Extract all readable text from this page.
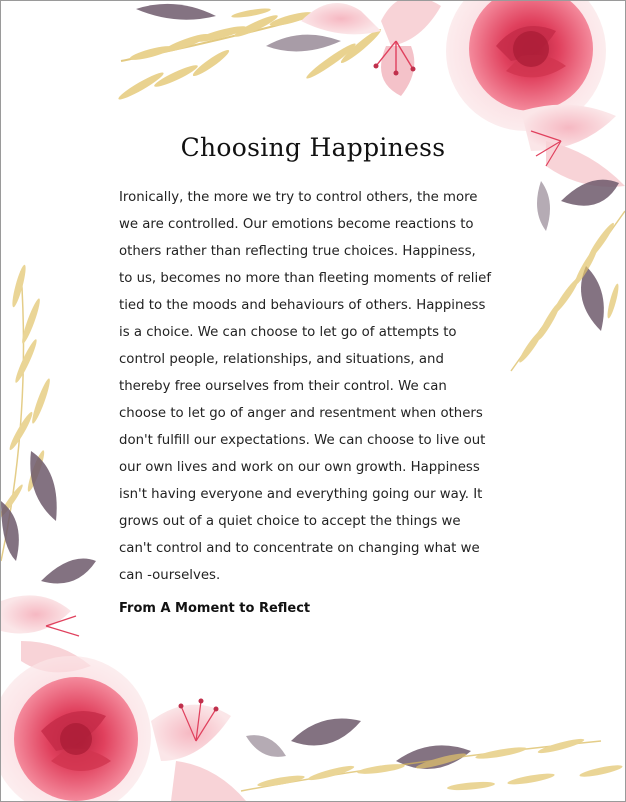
Choosing Happiness

Ironically, the more we try to control others, the more
we are controlled. Our emotions become reactions to
others rather than reflecting true choices. Happiness,
to us, becomes no more than fleeting moments of relief
tied to the moods and behaviours of others. Happiness
is a choice. We can choose to let go of attempts to
control people, relationships, and situations, and
thereby free ourselves from their control. We can
choose to let go of anger and resentment when others
don't fulfill our expectations. We can choose to live out
our own lives and work on our own growth. Happiness
isn't having everyone and everything going our way. It
grows out of a quiet choice to accept the things we
can't control and to concentrate on changing what we
can -ourselves.

From A Moment to Reflect
